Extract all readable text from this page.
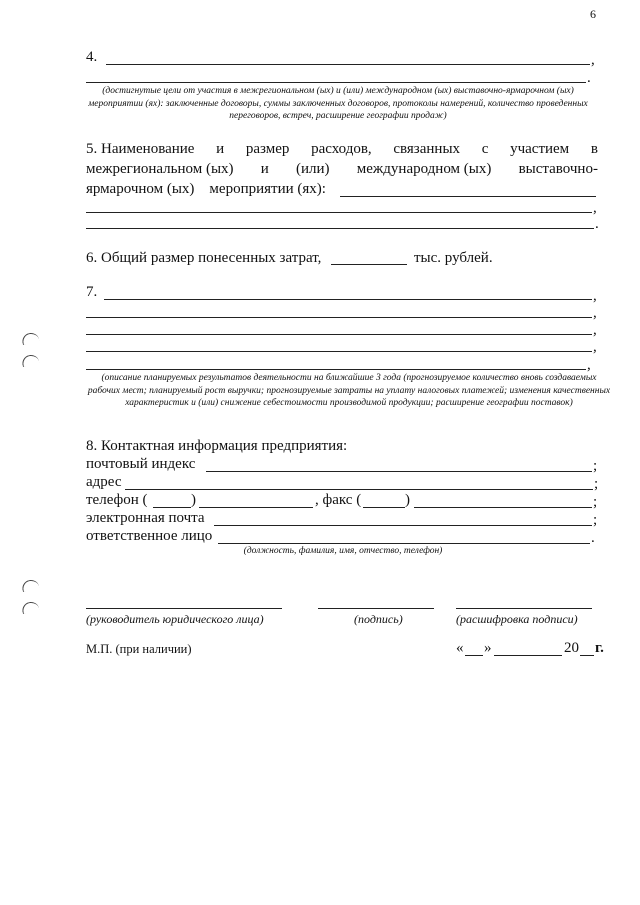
6
4.	,
.
(достигнутые цели от участия в межрегиональном (ых) и (или) международном (ых) выставочно-ярмарочном (ых) мероприятии (ях): заключенные договоры, суммы заключенных договоров, протоколы намерений, количество проведенных переговоров, встреч, расширение географии продаж)
5. Наименование и размер расходов, связанных с участием в
межрегиональном (ых) и (или) международном (ых) выставочно-
ярмарочном (ых)    мероприятии (ях):
,
.
6. Общий размер понесенных затрат,	тыс. рублей.
7.	,
,
,
,
,
(описание планируемых результатов деятельности на ближайшие 3 года (прогнозируемое количество вновь создаваемых рабочих мест; планируемый рост выручки; прогнозируемые затраты на уплату налоговых платежей; изменения качественных характеристик и (или) снижение себестоимости производимой продукции; расширение географии поставок)
8. Контактная информация предприятия:
почтовый индекс	;
адрес	;
телефон (	)	, факс (	)	;
электронная почта	;
ответственное лицо	.
(должность, фамилия, имя, отчество, телефон)
(руководитель юридического лица)	(подпись)	(расшифровка подписи)
М.П. (при наличии)	« »	20 г.
